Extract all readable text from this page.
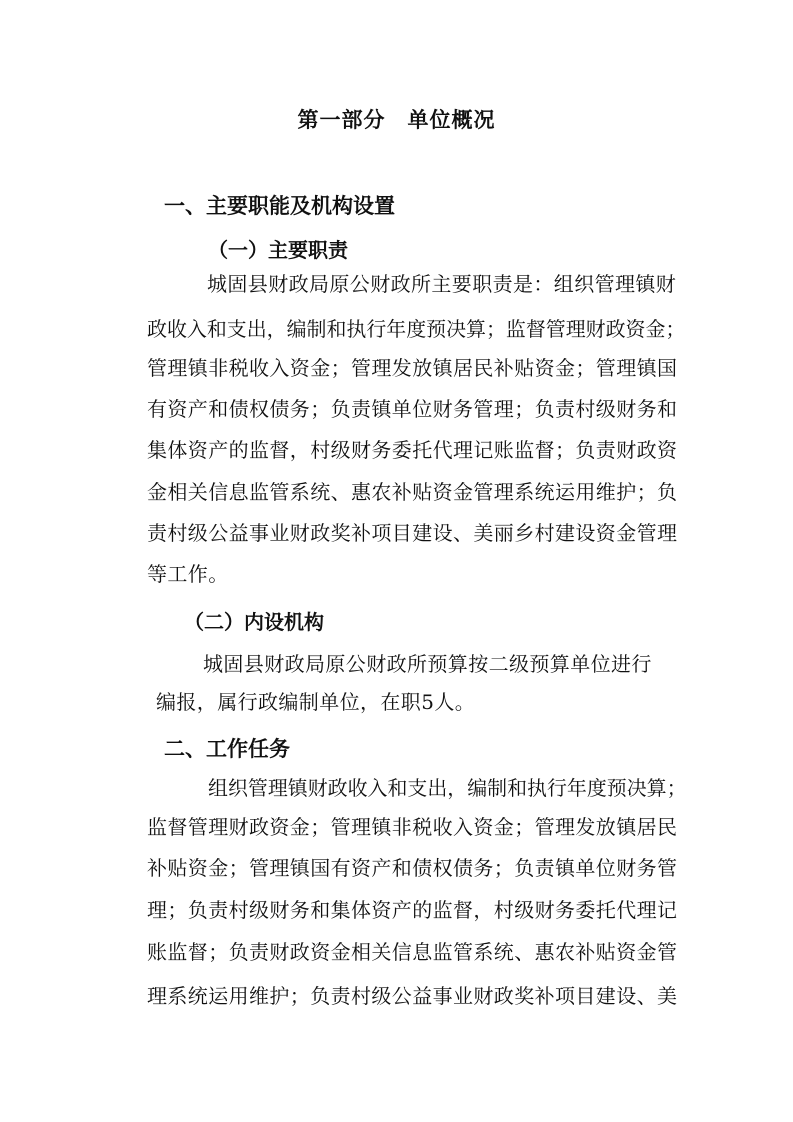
第一部分　单位概况
一、主要职能及机构设置
（一）主要职责
城固县财政局原公财政所主要职责是：组织管理镇财
政收入和支出，编制和执行年度预决算；监督管理财政资金；
管理镇非税收入资金；管理发放镇居民补贴资金；管理镇国
有资产和债权债务；负责镇单位财务管理；负责村级财务和
集体资产的监督，村级财务委托代理记账监督；负责财政资
金相关信息监管系统、惠农补贴资金管理系统运用维护；负
责村级公益事业财政奖补项目建设、美丽乡村建设资金管理
等工作。
（二）内设机构
城固县财政局原公财政所预算按二级预算单位进行
编报，属行政编制单位，在职5人。
二、工作任务
组织管理镇财政收入和支出，编制和执行年度预决算；
监督管理财政资金；管理镇非税收入资金；管理发放镇居民
补贴资金；管理镇国有资产和债权债务；负责镇单位财务管
理；负责村级财务和集体资产的监督，村级财务委托代理记
账监督；负责财政资金相关信息监管系统、惠农补贴资金管
理系统运用维护；负责村级公益事业财政奖补项目建设、美
